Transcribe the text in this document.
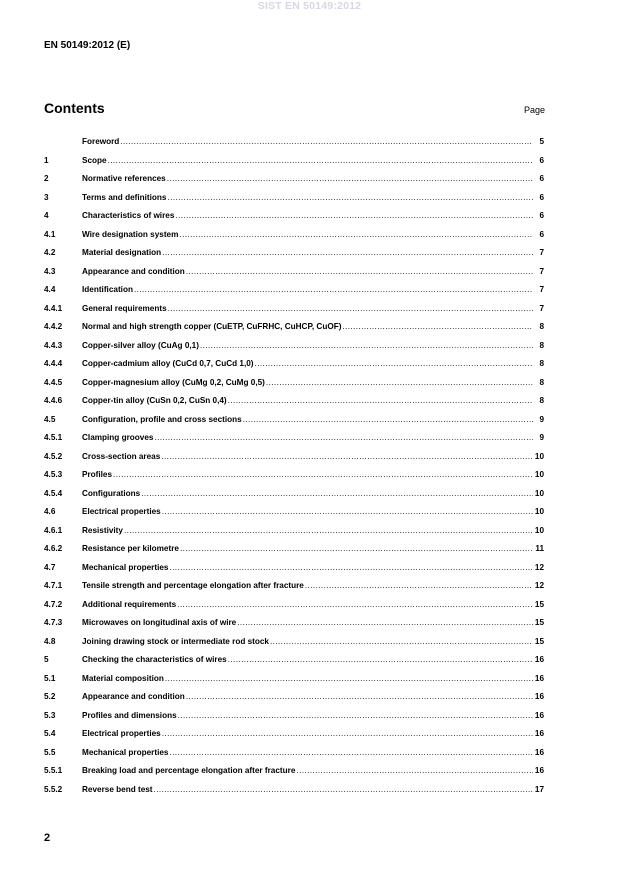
SIST EN 50149:2012
EN 50149:2012 (E)
Contents	Page
Foreword .....	5
1	Scope .....	6
2	Normative references .....	6
3	Terms and definitions .....	6
4	Characteristics of wires .....	6
4.1	Wire designation system .....	6
4.2	Material designation .....	7
4.3	Appearance and condition .....	7
4.4	Identification .....	7
4.4.1	General requirements .....	7
4.4.2	Normal and high strength copper (CuETP, CuFRHC, CuHCP, CuOF) .....	8
4.4.3	Copper-silver alloy (CuAg 0,1) .....	8
4.4.4	Copper-cadmium alloy (CuCd 0,7, CuCd 1,0) .....	8
4.4.5	Copper-magnesium alloy (CuMg 0,2, CuMg 0,5) .....	8
4.4.6	Copper-tin alloy (CuSn 0,2, CuSn 0,4) .....	8
4.5	Configuration, profile and cross sections .....	9
4.5.1	Clamping grooves .....	9
4.5.2	Cross-section areas .....	10
4.5.3	Profiles .....	10
4.5.4	Configurations .....	10
4.6	Electrical properties .....	10
4.6.1	Resistivity .....	10
4.6.2	Resistance per kilometre .....	11
4.7	Mechanical properties .....	12
4.7.1	Tensile strength and percentage elongation after fracture .....	12
4.7.2	Additional requirements .....	15
4.7.3	Microwaves on longitudinal axis of wire .....	15
4.8	Joining drawing stock or intermediate rod stock .....	15
5	Checking the characteristics of wires .....	16
5.1	Material composition .....	16
5.2	Appearance and condition .....	16
5.3	Profiles and dimensions .....	16
5.4	Electrical properties .....	16
5.5	Mechanical properties .....	16
5.5.1	Breaking load and percentage elongation after fracture .....	16
5.5.2	Reverse bend test .....	17
2
